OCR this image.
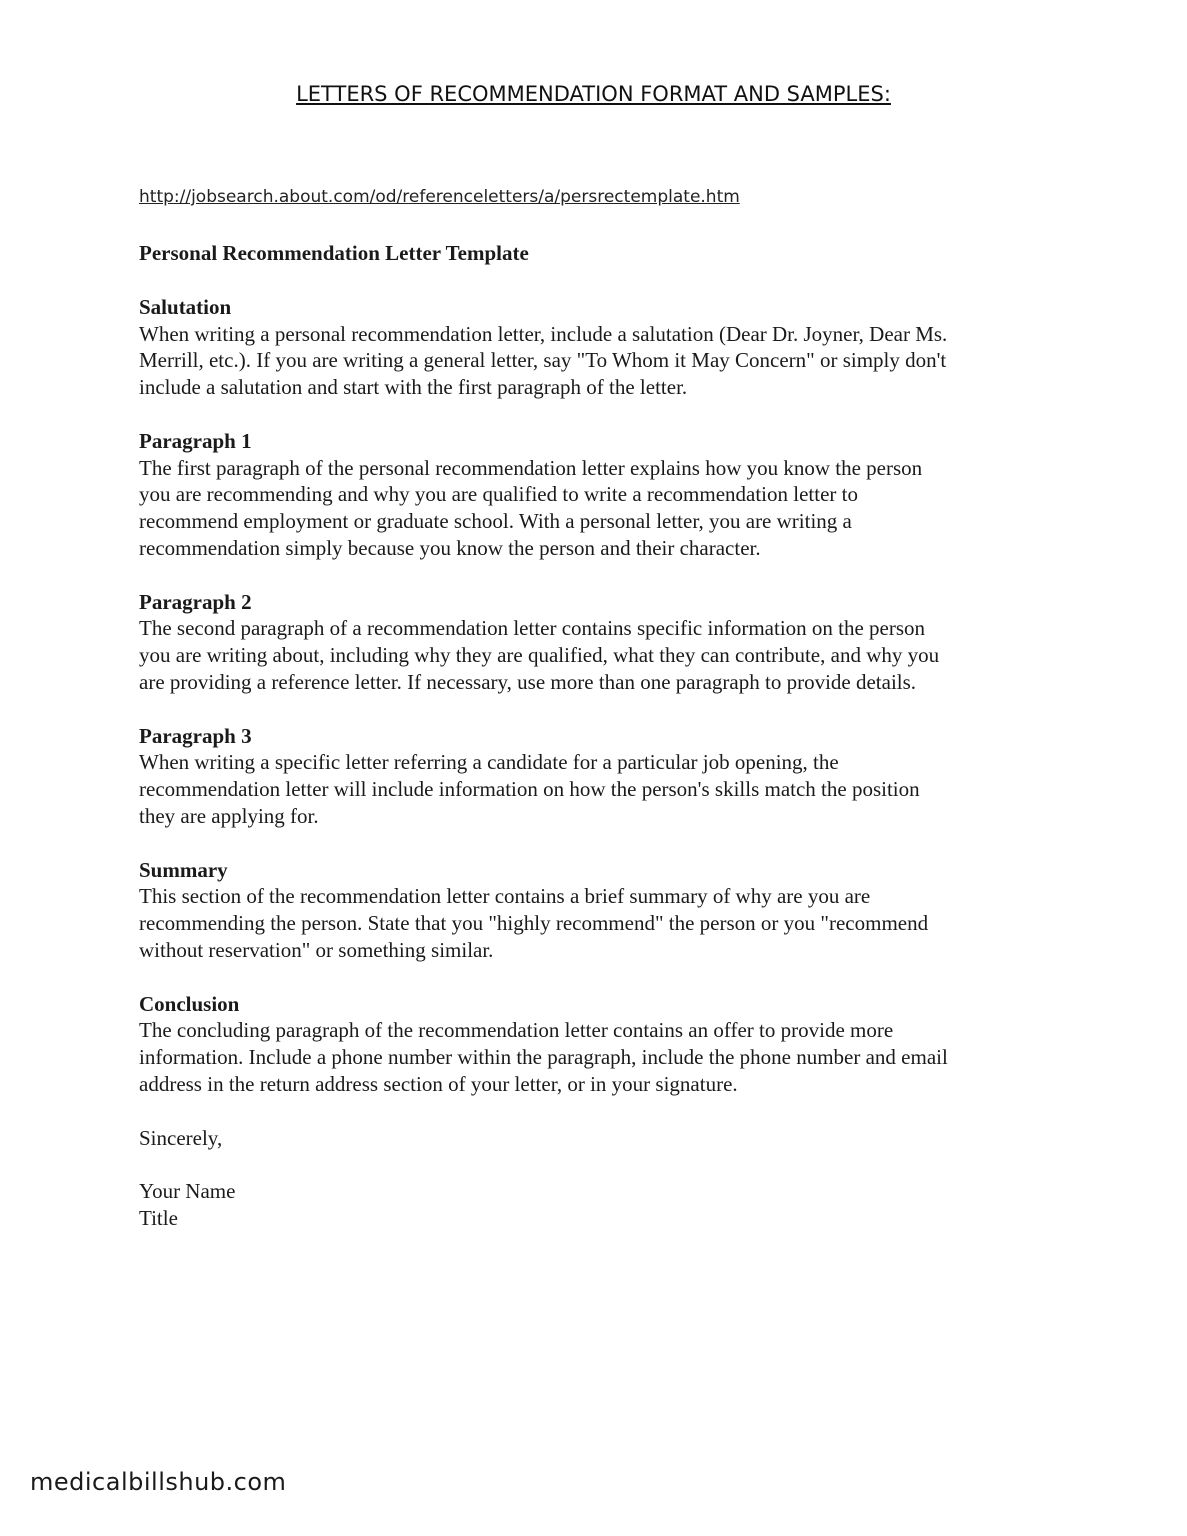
LETTERS OF RECOMMENDATION FORMAT AND SAMPLES:
http://jobsearch.about.com/od/referenceletters/a/persrectemplate.htm
Personal Recommendation Letter Template
Salutation
When writing a personal recommendation letter, include a salutation (Dear Dr. Joyner, Dear Ms.
Merrill, etc.). If you are writing a general letter, say "To Whom it May Concern" or simply don't
include a salutation and start with the first paragraph of the letter.
Paragraph 1
The first paragraph of the personal recommendation letter explains how you know the person
you are recommending and why you are qualified to write a recommendation letter to
recommend employment or graduate school. With a personal letter, you are writing a
recommendation simply because you know the person and their character.
Paragraph 2
The second paragraph of a recommendation letter contains specific information on the person
you are writing about, including why they are qualified, what they can contribute, and why you
are providing a reference letter. If necessary, use more than one paragraph to provide details.
Paragraph 3
When writing a specific letter referring a candidate for a particular job opening, the
recommendation letter will include information on how the person's skills match the position
they are applying for.
Summary
This section of the recommendation letter contains a brief summary of why are you are
recommending the person. State that you "highly recommend" the person or you "recommend
without reservation" or something similar.
Conclusion
The concluding paragraph of the recommendation letter contains an offer to provide more
information. Include a phone number within the paragraph, include the phone number and email
address in the return address section of your letter, or in your signature.
Sincerely,
Your Name
Title
medicalbillshub.com
